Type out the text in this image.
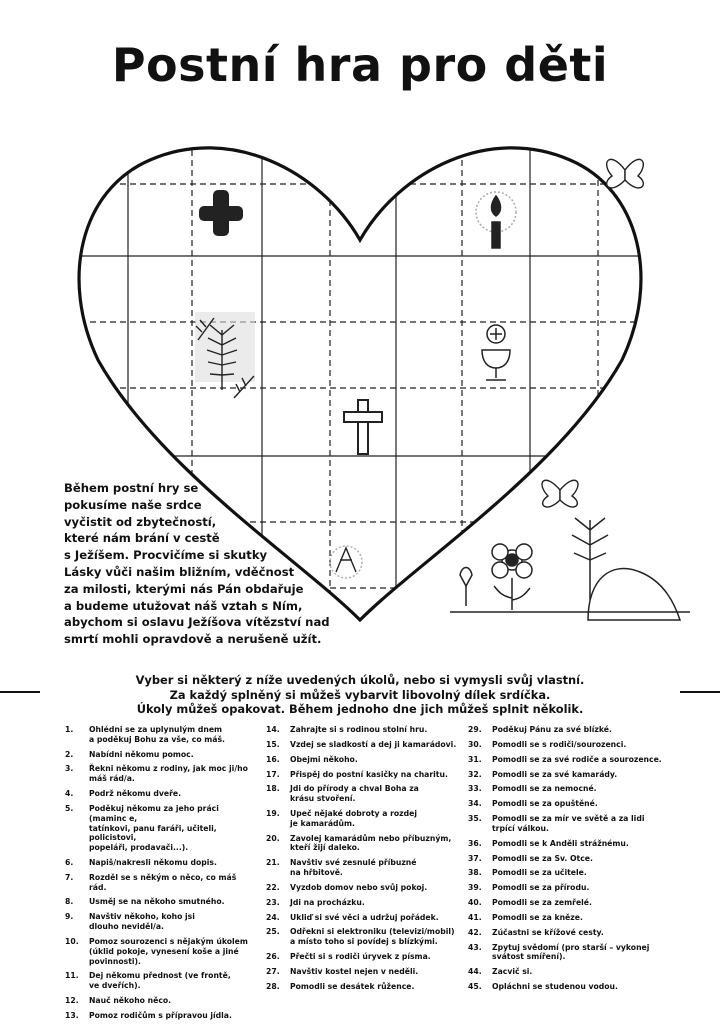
Postní hra pro děti

Během postní hry se

pokusíme naše srdce

vyčistit od zbytečností,

které nám brání v cestě

s Ježíšem. Procvičíme si skutky

Lásky vůči našim bližním, vděčnost

za milosti, kterými nás Pán obdařuje

a budeme utužovat náš vztah s Ním,

abychom si oslavu Ježíšova vítězství nad

smrtí mohli opravdově a nerušeně užít.

Vyber si některý z níže uvedených úkolů, nebo si vymysli svůj vlastní.
Za každý splněný si můžeš vybarvit libovolný dílek srdíčka.
Úkoly můžeš opakovat. Během jednoho dne jich můžeš splnit několik.
1.	Ohlédni se za uplynulým dnem
a poděkuj Bohu za vše, co máš.
2.	Nabídni někomu pomoc.
3.	Řekni někomu z rodiny, jak moc ji/ho
máš rád/a.
4.	Podrž někomu dveře.
5.	Poděkuj někomu za jeho práci (maminc e,
tatínkovi, panu faráři, učiteli, policistovi,
popeláři, prodavači...).
6.	Napiš/nakresli někomu dopis.
7.	Rozděl se s někým o něco, co máš rád.
8.	Usměj se na někoho smutného.
9.	Navštiv někoho, koho jsi
dlouho neviděl/a.
10.	Pomoz sourozenci s nějakým úkolem
(úklid pokoje, vynesení koše a jiné
povinnosti).
11.	Dej někomu přednost (ve frontě,
ve dveřích).
12.	Nauč někoho něco.
13.	Pomoz rodičům s přípravou jídla.
14.	Zahrajte si s rodinou stolní hru.
15.	Vzdej se sladkostí a dej ji kamarádovi.
16.	Obejmi někoho.
17.	Přispěj do postní kasičky na charitu.
18.	Jdi do přírody a chval Boha za
krásu stvoření.
19.	Upeč nějaké dobroty a rozdej
je kamarádům.
20.	Zavolej kamarádům nebo příbuzným,
kteří žijí daleko.
21.	Navštiv své zesnulé příbuzné
na hřbitově.
22.	Vyzdob domov nebo svůj pokoj.
23.	Jdi na procházku.
24.	Ukliď si své věci a udržuj pořádek.
25.	Odřekni si elektroniku (televizi/mobil)
a místo toho si povídej s blízkými.
26.	Přečti si s rodiči úryvek z písma.
27.	Navštiv kostel nejen v neděli.
28.	Pomodli se desátek růžence.
29.	Poděkuj Pánu za své blízké.
30.	Pomodli se s rodiči/sourozenci.
31.	Pomodli se za své rodiče a sourozence.
32.	Pomodli se za své kamarády.
33.	Pomodli se za nemocné.
34.	Pomodli se za opuštěné.
35.	Pomodli se za mír ve světě a za lidi
trpící válkou.
36.	Pomodli se k Anděli strážnému.
37.	Pomodli se za Sv. Otce.
38.	Pomodli se za učitele.
39.	Pomodli se za přírodu.
40.	Pomodli se za zemřelé.
41.	Pomodli se za kněze.
42.	Zúčastni se křížové cesty.
43.	Zpytuj svědomí (pro starší – vykonej
svátost smíření).
44.	Zacvič si.
45.	Opláchni se studenou vodou.
